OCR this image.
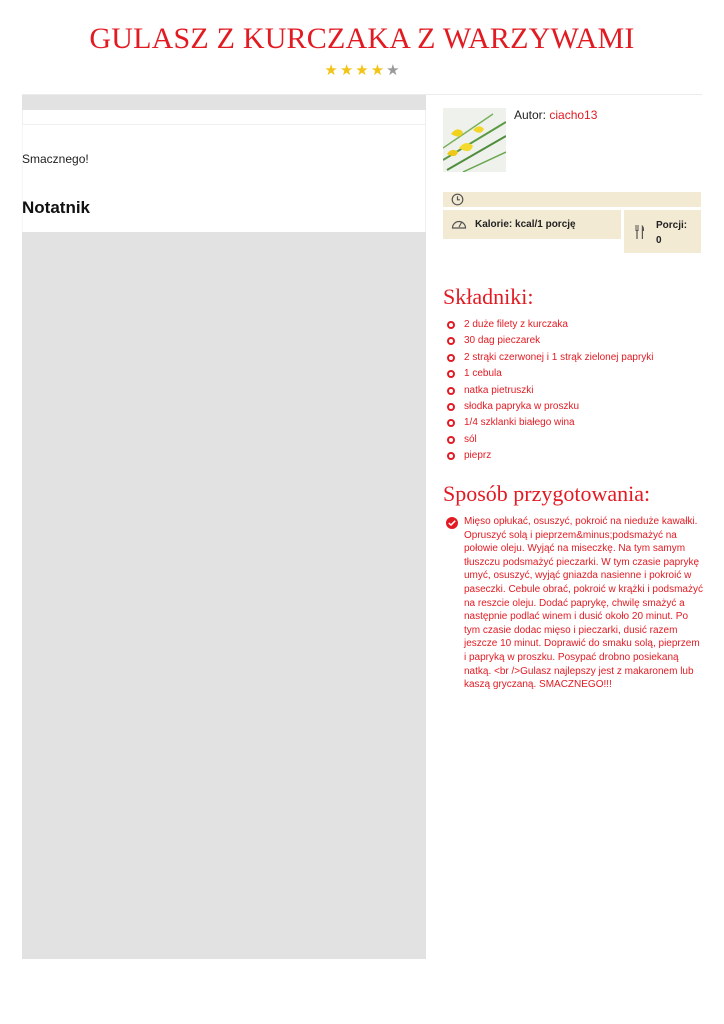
GULASZ Z KURCZAKA Z WARZYWAMI
★ ★ ★ ★ ★
Smacznego!
Notatnik
Autor: ciacho13
Kalorie: kcal/1 porcję	Porcji:
0
Składniki:
2 duże filety z kurczaka
30 dag pieczarek
2 strąki czerwonej i 1 strąk zielonej papryki
1 cebula
natka pietruszki
słodka papryka w proszku
1/4 szklanki białego wina
sól
pieprz
Sposób przygotowania:
Mięso opłukać, osuszyć, pokroić na nieduże kawałki. Opruszyć solą i pieprzem&minus;podsmażyć na połowie oleju. Wyjąć na miseczkę. Na tym samym tłuszczu podsmażyć pieczarki. W tym czasie paprykę umyć, osuszyć, wyjąć gniazda nasienne i pokroić w paseczki. Cebule obrać, pokroić w krążki i podsmażyć na reszcie oleju. Dodać paprykę, chwilę smażyć a następnie podlać winem i dusić około 20 minut. Po tym czasie dodac mięso i pieczarki, dusić razem jeszcze 10 minut. Doprawić do smaku solą, pieprzem i papryką w proszku. Posypać drobno posiekaną natką. <br />Gulasz najlepszy jest z makaronem lub kaszą gryczaną. SMACZNEGO!!!
